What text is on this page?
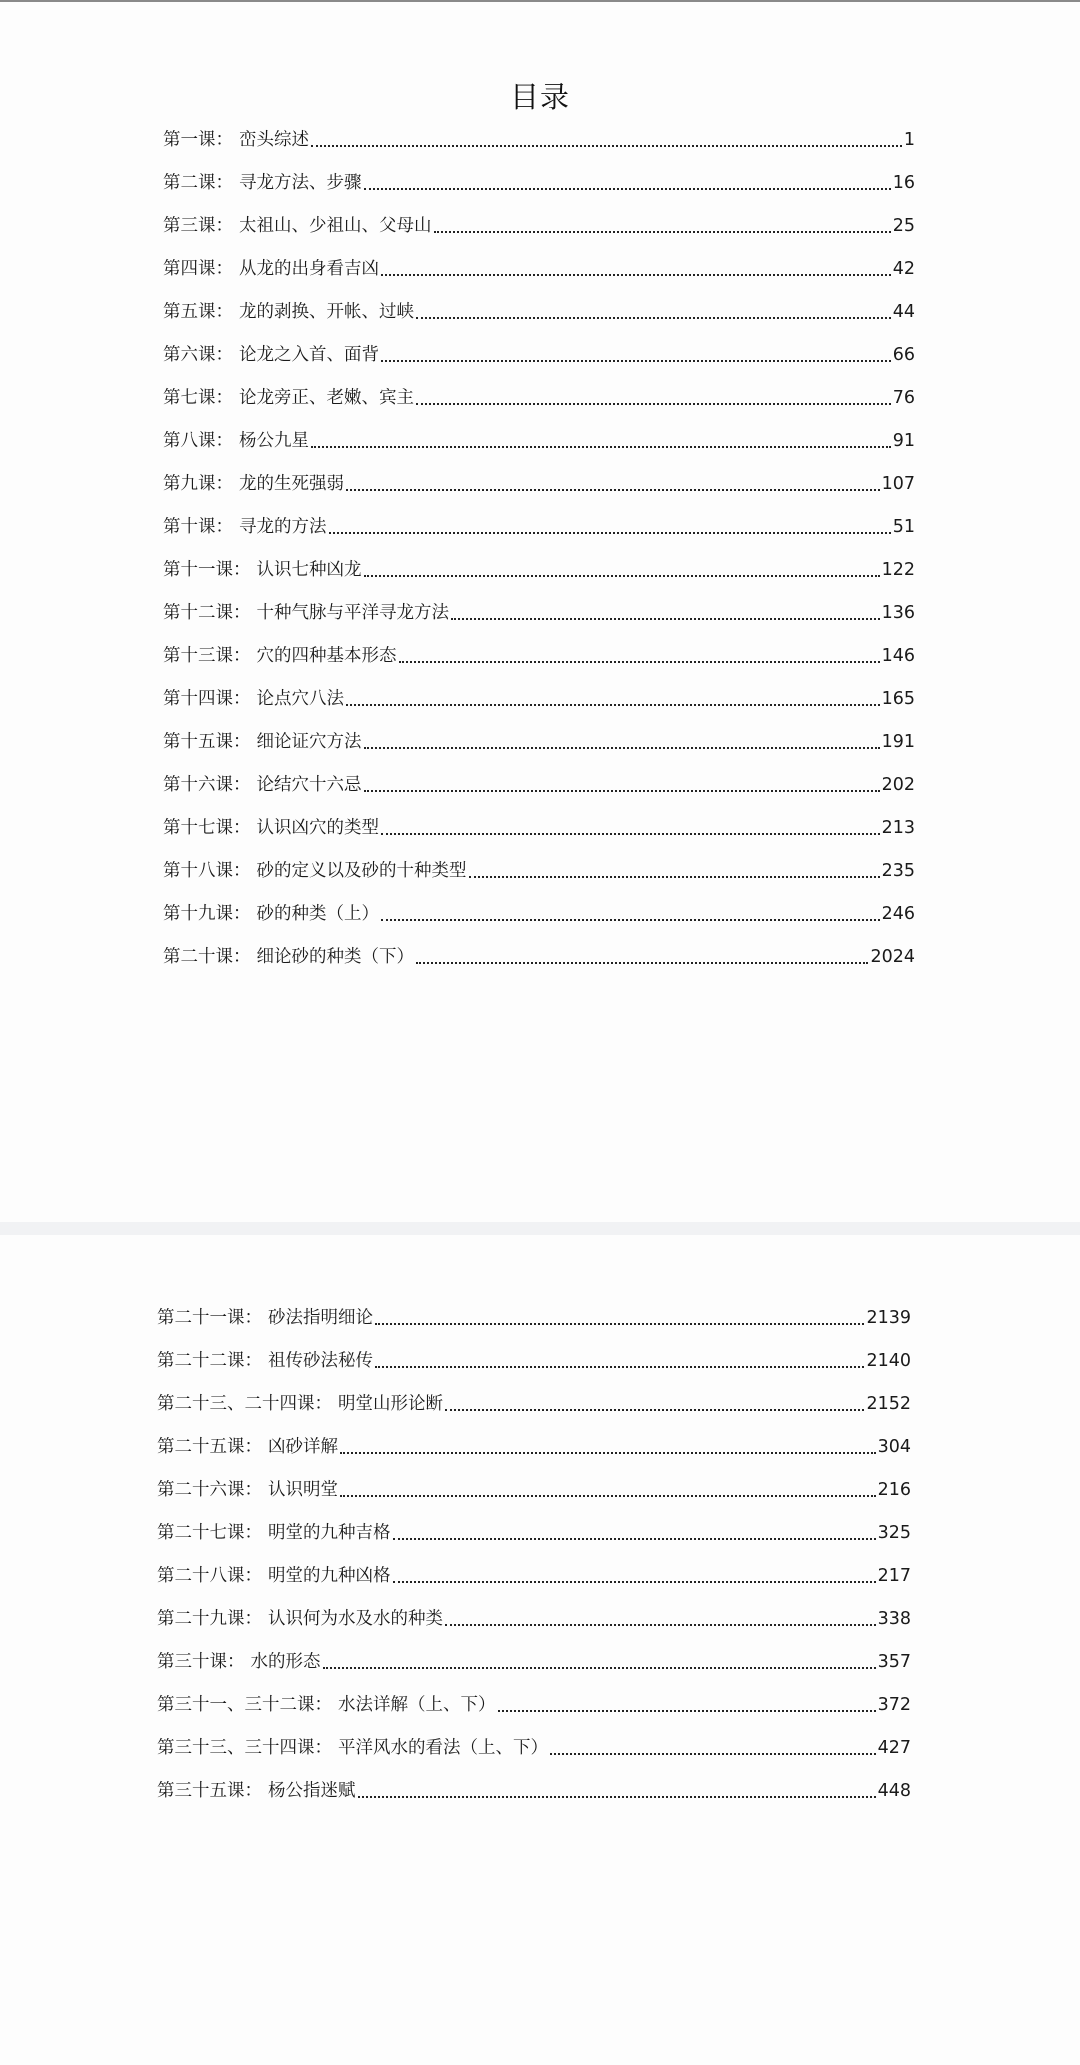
目录
第一课 ： 峦头综述	1
第二课 ： 寻龙方法、步骤	16
第三课 ： 太祖山、少祖山、父母山	25
第四课 ： 从龙的出身看吉凶	42
第五课 ： 龙的剥换、开帐、过峡	44
第六课 ： 论龙之入首、面背	66
第七课 ： 论龙旁正、老嫩、宾主	76
第八课 ： 杨公九星	91
第九课 ： 龙的生死强弱	107
第十课 ： 寻龙的方法	51
第十一课 ： 认识七种凶龙	122
第十二课 ： 十种气脉与平洋寻龙方法	136
第十三课 ： 穴的四种基本形态	146
第十四课 ： 论点穴八法	165
第十五课 ： 细论证穴方法	191
第十六课 ： 论结穴十六忌	202
第十七课 ： 认识凶穴的类型	213
第十八课 ： 砂的定义以及砂的十种类型	235
第十九课 ： 砂的种类（上）	246
第二十课 ： 细论砂的种类（下）	2024
第二十一课 ： 砂法指明细论	2139
第二十二课 ： 祖传砂法秘传	2140
第二十三、二十四课 ： 明堂山形论断	2152
第二十五课 ： 凶砂详解	304
第二十六课 ： 认识明堂	216
第二十七课 ： 明堂的九种吉格	325
第二十八课 ： 明堂的九种凶格	217
第二十九课 ： 认识何为水及水的种类	338
第三十课 ： 水的形态	357
第三十一、三十二课 ： 水法详解（上、下）	372
第三十三、三十四课 ： 平洋风水的看法（上、下）	427
第三十五课 ： 杨公指迷赋	448
